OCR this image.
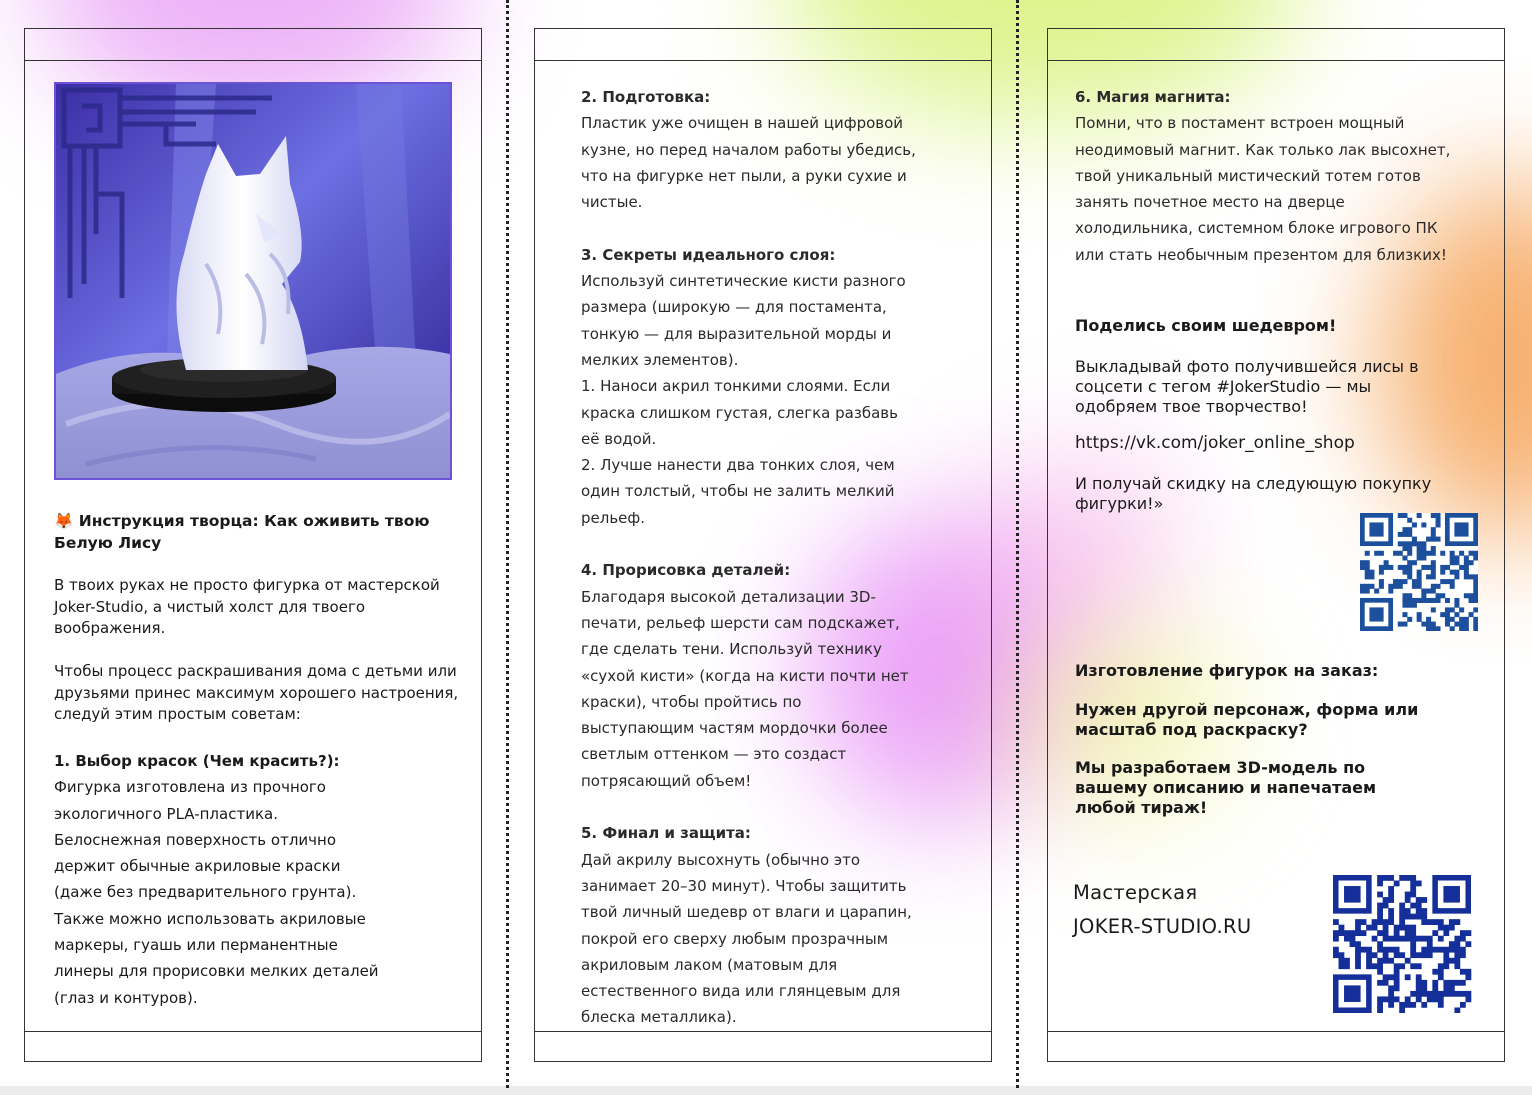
🦊 Инструкция творца: Как оживить твою Белую Лису

В твоих руках не просто фигурка от мастерской Joker-Studio, а чистый холст для твоего воображения.

Чтобы процесс раскрашивания дома с детьми или друзьями принес максимум хорошего настроения, следуй этим простым советам:

1. Выбор красок (Чем красить?):
Фигурка изготовлена из прочного
экологичного PLA-пластика.
Белоснежная поверхность отлично
держит обычные акриловые краски
(даже без предварительного грунта).
Также можно использовать акриловые
маркеры, гуашь или перманентные
линеры для прорисовки мелких деталей
(глаз и контуров).
2. Подготовка:
Пластик уже очищен в нашей цифровой
кузне, но перед началом работы убедись,
что на фигурке нет пыли, а руки сухие и
чистые.
3. Секреты идеального слоя:
Используй синтетические кисти разного
размера (широкую — для постамента,
тонкую — для выразительной морды и
мелких элементов).
1. Наноси акрил тонкими слоями. Если
краска слишком густая, слегка разбавь
её водой.
2. Лучше нанести два тонких слоя, чем
один толстый, чтобы не залить мелкий
рельеф.
4. Прорисовка деталей:
Благодаря высокой детализации 3D-
печати, рельеф шерсти сам подскажет,
где сделать тени. Используй технику
«сухой кисти» (когда на кисти почти нет
краски), чтобы пройтись по
выступающим частям мордочки более
светлым оттенком — это создаст
потрясающий объем!
5. Финал и защита:
Дай акрилу высохнуть (обычно это
занимает 20–30 минут). Чтобы защитить
твой личный шедевр от влаги и царапин,
покрой его сверху любым прозрачным
акриловым лаком (матовым для
естественного вида или глянцевым для
блеска металлика).
6. Магия магнита:
Помни, что в постамент встроен мощный
неодимовый магнит. Как только лак высохнет,
твой уникальный мистический тотем готов
занять почетное место на дверце
холодильника, системном блоке игрового ПК
или стать необычным презентом для близких!
Поделись своим шедевром!

Выкладывай фото получившейся лисы в соцсети с тегом #JokerStudio — мы одобряем твое творчество!

https://vk.com/joker_online_shop

И получай скидку на следующую покупку фигурки!»

Изготовление фигурок на заказ:

Нужен другой персонаж, форма или масштаб под раскраску?

Мы разработаем 3D-модель по вашему описанию и напечатаем любой тираж!

Мастерская
JOKER-STUDIO.RU
